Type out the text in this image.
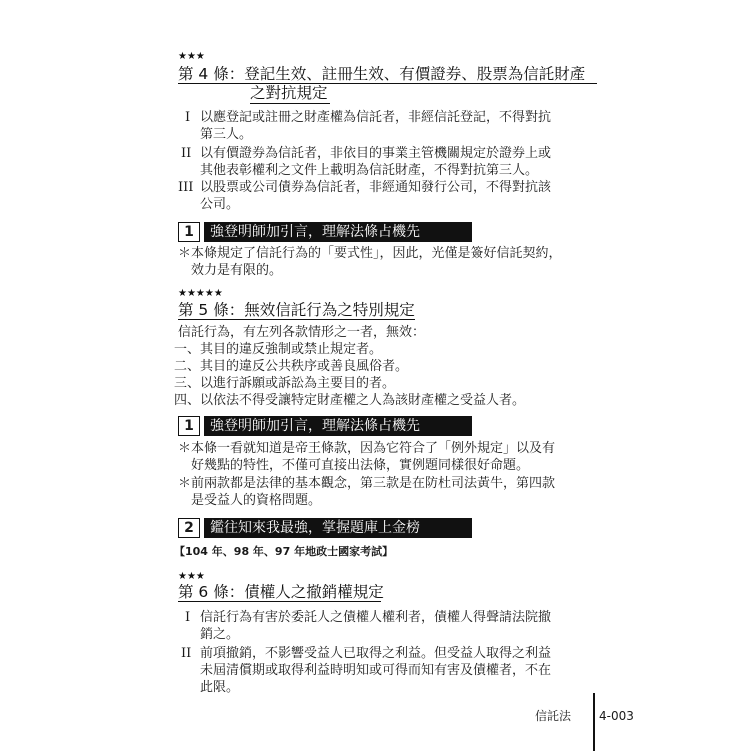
★★★
第 4 條：登記生效、註冊生效、有價證券、股票為信託財產
之對抗規定
I 以應登記或註冊之財產權為信託者，非經信託登記，不得對抗
第三人。
II 以有價證券為信託者，非依目的事業主管機關規定於證券上或
其他表彰權利之文件上載明為信託財產，不得對抗第三人。
III 以股票或公司債券為信託者，非經通知發行公司，不得對抗該
公司。
1	強登明師加引言，理解法條占機先
＊本條規定了信託行為的「要式性」，因此，光僅是簽好信託契約，
效力是有限的。
★★★★★
第 5 條：無效信託行為之特別規定
信託行為，有左列各款情形之一者，無效：
一、其目的違反強制或禁止規定者。
二、其目的違反公共秩序或善良風俗者。
三、以進行訴願或訴訟為主要目的者。
四、以依法不得受讓特定財產權之人為該財產權之受益人者。
1	強登明師加引言，理解法條占機先
＊本條一看就知道是帝王條款，因為它符合了「例外規定」以及有
好幾點的特性，不僅可直接出法條，實例題同樣很好命題。
＊前兩款都是法律的基本觀念，第三款是在防杜司法黃牛，第四款
是受益人的資格問題。
2	鑑往知來我最強，掌握題庫上金榜
【104 年、98 年、97 年地政士國家考試】
★★★
第 6 條：債權人之撤銷權規定
I 信託行為有害於委託人之債權人權利者，債權人得聲請法院撤
銷之。
II 前項撤銷，不影響受益人已取得之利益。但受益人取得之利益
未屆清償期或取得利益時明知或可得而知有害及債權者，不在
此限。
信託法 4-003
